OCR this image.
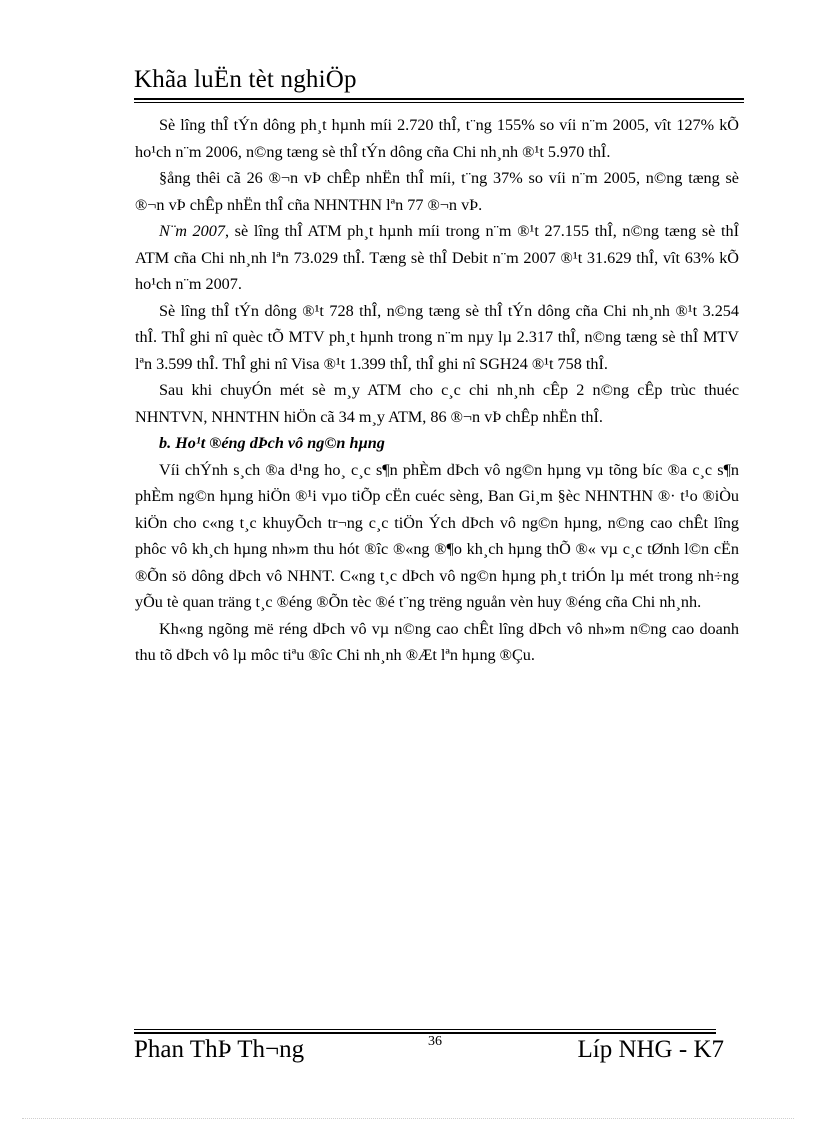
Khãa luËn tèt nghiÖp

Sè lîng thÎ tÝn dông ph¸t hµnh míi 2.720 thÎ, t¨ng 155% so víi n¨m 2005, vît 127% kÕ ho¹ch n¨m 2006, n©ng tæng sè thÎ tÝn dông cña Chi nh¸nh ®¹t 5.970 thÎ.

§ång thêi cã 26 ®¬n vÞ chÊp nhËn thÎ míi, t¨ng 37% so víi n¨m 2005, n©ng tæng sè ®¬n vÞ chÊp nhËn thÎ cña NHNTHN lªn 77 ®¬n vÞ.

N¨m 2007, sè lîng thÎ ATM ph¸t hµnh míi trong n¨m ®¹t 27.155 thÎ, n©ng tæng sè thÎ ATM cña Chi nh¸nh lªn 73.029 thÎ. Tæng sè thÎ Debit n¨m 2007 ®¹t 31.629 thÎ, vît 63% kÕ ho¹ch n¨m 2007.

Sè lîng thÎ tÝn dông ®¹t 728 thÎ, n©ng tæng sè thÎ tÝn dông cña Chi nh¸nh ®¹t 3.254 thÎ. ThÎ ghi nî quèc tÕ MTV ph¸t hµnh trong n¨m nµy lµ 2.317 thÎ, n©ng tæng sè thÎ MTV lªn 3.599 thÎ. ThÎ ghi nî Visa ®¹t 1.399 thÎ, thÎ ghi nî SGH24 ®¹t 758 thÎ.

Sau khi chuyÓn mét sè m¸y ATM cho c¸c chi nh¸nh cÊp 2 n©ng cÊp trùc thuéc NHNTVN, NHNTHN hiÖn cã 34 m¸y ATM, 86 ®¬n vÞ chÊp nhËn thÎ.

b. Ho¹t ®éng dÞch vô ng©n hµng

Víi chÝnh s¸ch ®a d¹ng ho¸ c¸c s¶n phÈm dÞch vô ng©n hµng vµ tõng bíc ®a c¸c s¶n phÈm ng©n hµng hiÖn ®¹i vµo tiÕp cËn cuéc sèng, Ban Gi¸m §èc NHNTHN ®· t¹o ®iÒu kiÖn cho c«ng t¸c khuyÕch tr¬ng c¸c tiÖn Ých dÞch vô ng©n hµng, n©ng cao chÊt lîng phôc vô kh¸ch hµng nh»m thu hót ®îc ®«ng ®¶o kh¸ch hµng thÕ ®« vµ c¸c tØnh l©n cËn ®Õn sö dông dÞch vô NHNT. C«ng t¸c dÞch vô ng©n hµng ph¸t triÓn lµ mét trong nh÷ng yÕu tè quan träng t¸c ®éng ®Õn tèc ®é t¨ng trëng nguån vèn huy ®éng cña Chi nh¸nh.

Kh«ng ngõng më réng dÞch vô vµ n©ng cao chÊt lîng dÞch vô nh»m n©ng cao doanh thu tõ dÞch vô lµ môc tiªu ®îc Chi nh¸nh ®Æt lªn hµng ®Çu.

Phan ThÞ Th¬ng	36	Líp NHG - K7
